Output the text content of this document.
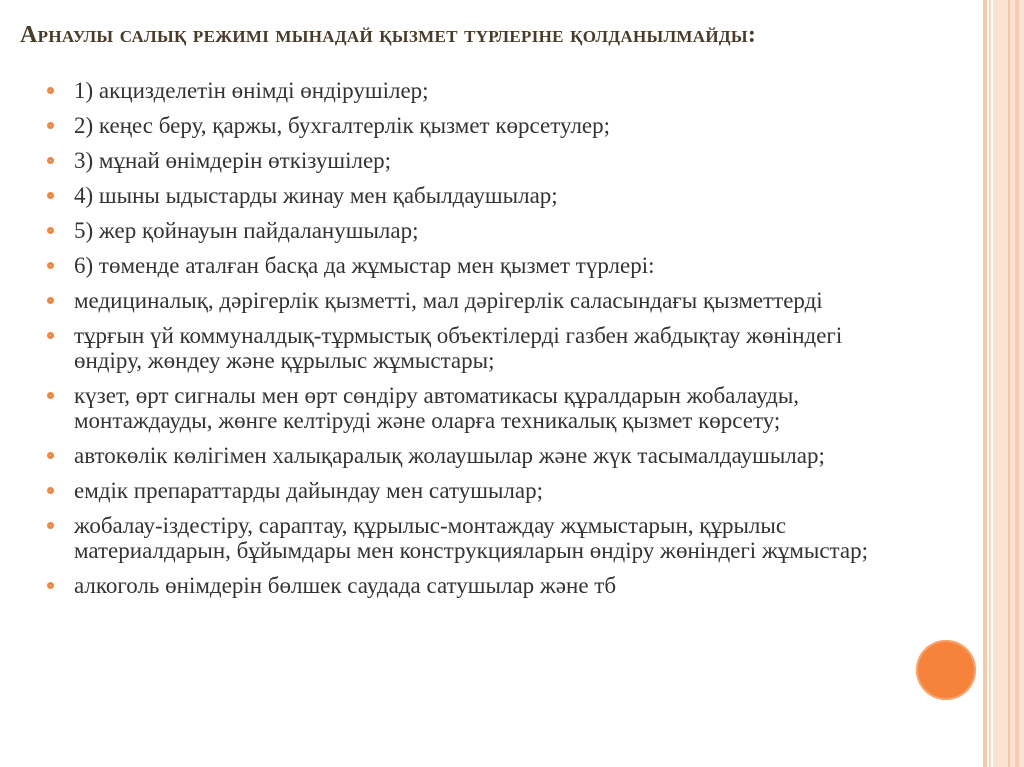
Арнаулы салық режимі мынадай қызмет түрлеріне қолданылмайды:
1) акцизделетін өнімді өндірушілер;
2) кеңес беру, қаржы, бухгалтерлік қызмет көрсетулер;
3) мұнай өнімдерін өткізушілер;
4) шыны ыдыстарды жинау мен қабылдаушылар;
5) жер қойнауын пайдаланушылар;
6) төменде аталған басқа да жұмыстар мен қызмет түрлері:
медициналық, дәрігерлік қызметті, мал дәрігерлік саласындағы қызметтерді
тұрғын үй коммуналдық-тұрмыстық объектілерді газбен жабдықтау жөніндегі өндіру, жөндеу және құрылыс жұмыстары;
күзет, өрт сигналы мен өрт сөндіру автоматикасы құралдарын жобалауды, монтаждауды, жөнге келтіруді және оларға техникалық қызмет көрсету;
автокөлік көлігімен халықаралық жолаушылар және жүк тасымалдаушылар;
емдік препараттарды дайындау мен сатушылар;
жобалау-іздестіру, сараптау, құрылыс-монтаждау жұмыстарын, құрылыс материалдарын, бұйымдары мен конструкцияларын өндіру жөніндегі жұмыстар;
алкоголь өнімдерін бөлшек саудада сатушылар және тб
